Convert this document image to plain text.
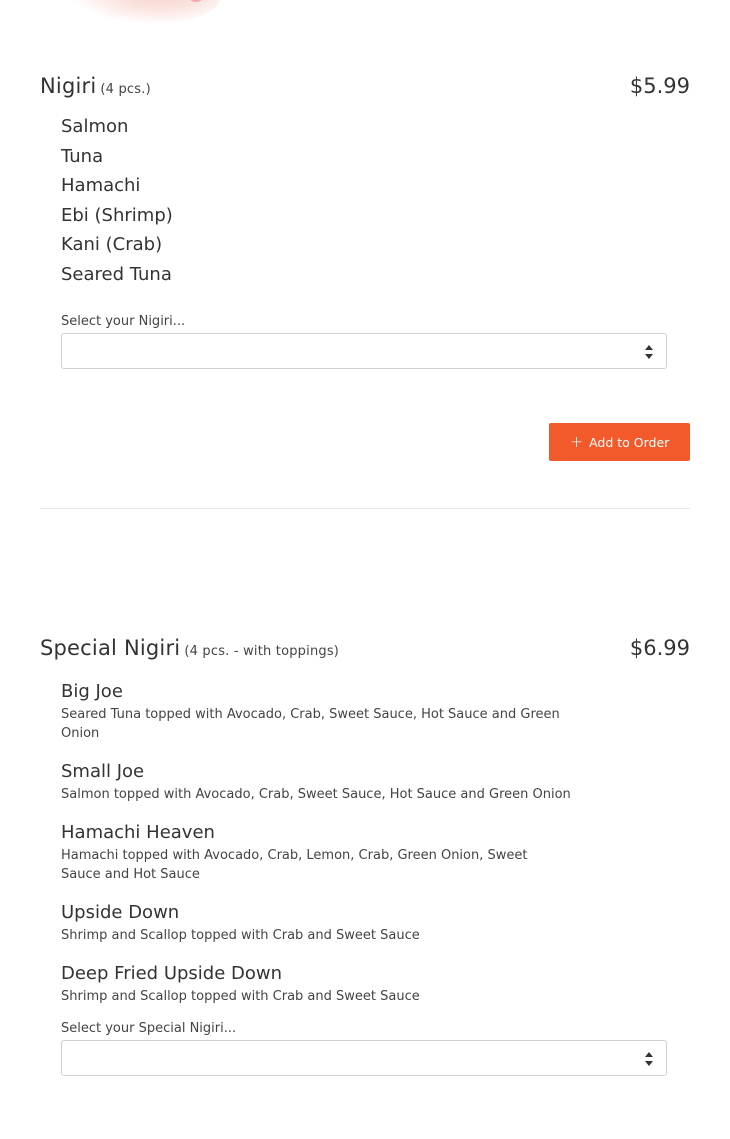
Nigiri (4 pcs.)	$5.99
Salmon
Tuna
Hamachi
Ebi (Shrimp)
Kani (Crab)
Seared Tuna
Select your Nigiri...
+ Add to Order
Special Nigiri (4 pcs. - with toppings)	$6.99
Big Joe
Seared Tuna topped with Avocado, Crab, Sweet Sauce, Hot Sauce and Green Onion
Small Joe
Salmon topped with Avocado, Crab, Sweet Sauce, Hot Sauce and Green Onion
Hamachi Heaven
Hamachi topped with Avocado, Crab, Lemon, Crab, Green Onion, Sweet Sauce and Hot Sauce
Upside Down
Shrimp and Scallop topped with Crab and Sweet Sauce
Deep Fried Upside Down
Shrimp and Scallop topped with Crab and Sweet Sauce
Select your Special Nigiri...
